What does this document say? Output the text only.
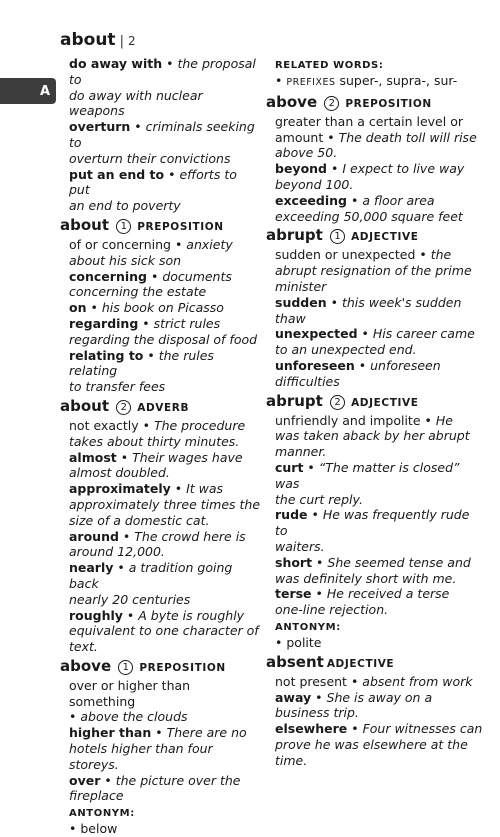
about | 2
A

do away with • the proposal to

do away with nuclear weapons

overturn • criminals seeking to

overturn their convictions

put an end to • efforts to put

an end to poverty

about 1 PREPOSITION

of or concerning • anxiety

about his sick son

concerning • documents

concerning the estate

on • his book on Picasso

regarding • strict rules

regarding the disposal of food

relating to • the rules relating

to transfer fees

about 2 ADVERB

not exactly • The procedure

takes about thirty minutes.

almost • Their wages have

almost doubled.

approximately • It was

approximately three times the

size of a domestic cat.

around • The crowd here is

around 12,000.

nearly • a tradition going back

nearly 20 centuries

roughly • A byte is roughly

equivalent to one character of

text.

above 1 PREPOSITION

over or higher than something

• above the clouds

higher than • There are no

hotels higher than four storeys.

over • the picture over the

fireplace

ANTONYM:

• below

RELATED WORDS:

• PREFIXES super-, supra-, sur-

above 2 PREPOSITION

greater than a certain level or

amount • The death toll will rise

above 50.

beyond • I expect to live way

beyond 100.

exceeding • a floor area

exceeding 50,000 square feet

abrupt 1 ADJECTIVE

sudden or unexpected • the

abrupt resignation of the prime

minister

sudden • this week's sudden

thaw

unexpected • His career came

to an unexpected end.

unforeseen • unforeseen

difficulties

abrupt 2 ADJECTIVE

unfriendly and impolite • He

was taken aback by her abrupt

manner.

curt • “The matter is closed” was

the curt reply.

rude • He was frequently rude to

waiters.

short • She seemed tense and

was definitely short with me.

terse • He received a terse

one-line rejection.

ANTONYM:

• polite

absent ADJECTIVE

not present • absent from work

away • She is away on a

business trip.

elsewhere • Four witnesses can

prove he was elsewhere at the time.
